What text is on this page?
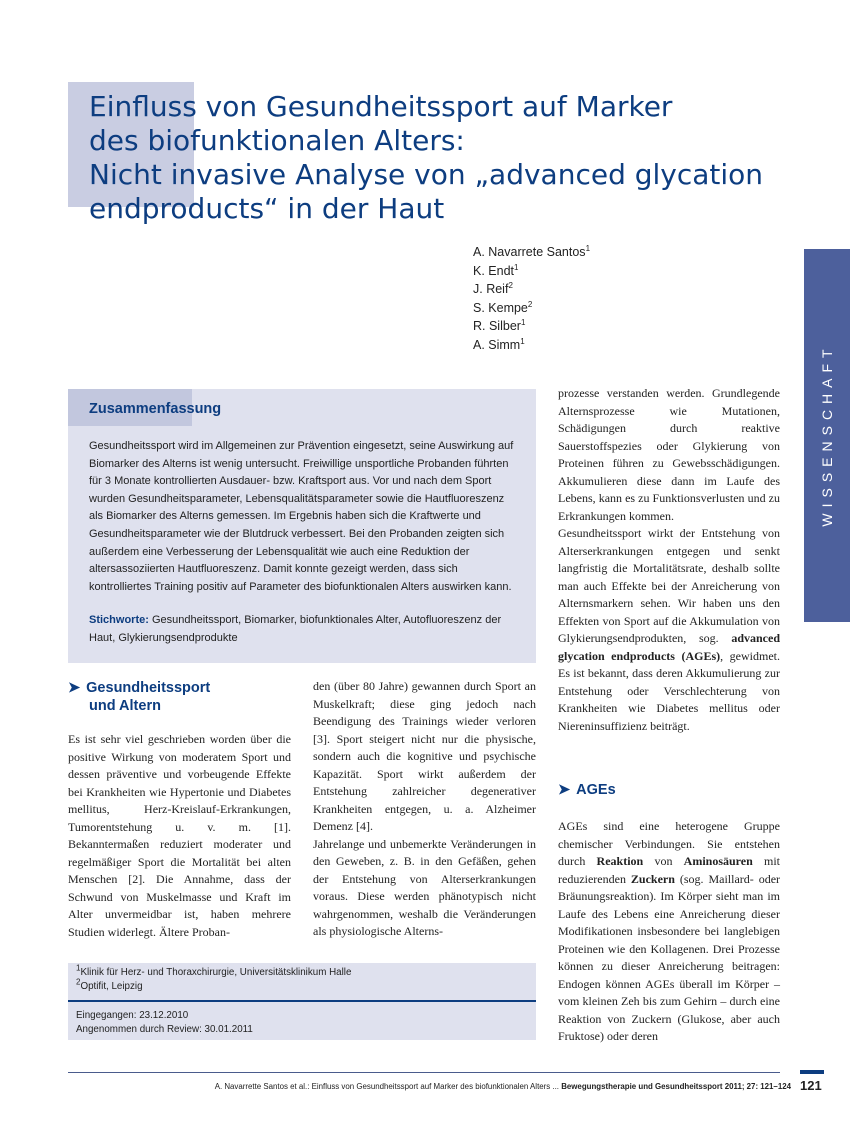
Einfluss von Gesundheitssport auf Marker
des biofunktionalen Alters:
Nicht invasive Analyse von „advanced glycation
endproducts“ in der Haut
A. Navarrete Santos$^1$
K. Endt$^1$
J. Reif$^2$
S. Kempe$^2$
R. Silber$^1$
A. Simm$^1$
WISSENSCHAFT
Zusammenfassung

Gesundheitssport wird im Allgemeinen zur Prävention eingesetzt, seine Auswirkung auf Biomarker des Alterns ist wenig untersucht. Freiwillige unsportliche Probanden führten für 3 Monate kontrollierten Ausdauer- bzw. Kraftsport aus. Vor und nach dem Sport wurden Gesundheitsparameter, Lebensqualitätsparameter sowie die Hautfluoreszenz als Biomarker des Alterns gemessen. Im Ergebnis haben sich die Kraftwerte und Gesundheitsparameter wie der Blutdruck verbessert. Bei den Probanden zeigten sich außerdem eine Verbesserung der Lebensqualität wie auch eine Reduktion der altersassoziierten Hautfluoreszenz. Damit konnte gezeigt werden, dass sich kontrolliertes Training positiv auf Parameter des biofunktionalen Alters auswirken kann.

Stichworte: Gesundheitssport, Biomarker, biofunktionales Alter, Autofluoreszenz der Haut, Glykierungsendprodukte

➤ Gesundheitssport
und Altern

Es ist sehr viel geschrieben worden über die positive Wirkung von moderatem Sport und dessen präventive und vorbeugende Effekte bei Krankheiten wie Hypertonie und Diabetes mellitus, Herz-Kreislauf-Erkrankungen, Tumorentstehung u. v. m. [1]. Bekanntermaßen reduziert moderater und regelmäßiger Sport die Mortalität bei alten Menschen [2]. Die Annahme, dass der Schwund von Muskelmasse und Kraft im Alter unvermeidbar ist, haben mehrere Studien widerlegt. Ältere Proban-

den (über 80 Jahre) gewannen durch Sport an Muskelkraft; diese ging jedoch nach Beendigung des Trainings wieder verloren [3]. Sport steigert nicht nur die physische, sondern auch die kognitive und psychische Kapazität. Sport wirkt außerdem der Entstehung zahlreicher degenerativer Krankheiten entgegen, u. a. Alzheimer Demenz [4].

Jahrelange und unbemerkte Veränderungen in den Geweben, z. B. in den Gefäßen, gehen der Entstehung von Alterserkrankungen voraus. Diese werden phänotypisch nicht wahrgenommen, weshalb die Veränderungen als physiologische Alterns-

prozesse verstanden werden. Grundlegende Alternsprozesse wie Mutationen, Schädigungen durch reaktive Sauerstoffspezies oder Glykierung von Proteinen führen zu Gewebsschädigungen. Akkumulieren diese dann im Laufe des Lebens, kann es zu Funktionsverlusten und zu Erkrankungen kommen.

Gesundheitssport wirkt der Entstehung von Alterserkrankungen entgegen und senkt langfristig die Mortalitätsrate, deshalb sollte man auch Effekte bei der Anreicherung von Alternsmarkern sehen. Wir haben uns den Effekten von Sport auf die Akkumulation von Glykierungsendprodukten, sog. advanced glycation endproducts (AGEs), gewidmet. Es ist bekannt, dass deren Akkumulierung zur Entstehung oder Verschlechterung von Krankheiten wie Diabetes mellitus oder Niereninsuffizienz beiträgt.

➤ AGEs

AGEs sind eine heterogene Gruppe chemischer Verbindungen. Sie entstehen durch Reaktion von Aminosäuren mit reduzierenden Zuckern (sog. Maillard- oder Bräunungsreaktion). Im Körper sieht man im Laufe des Lebens eine Anreicherung dieser Modifikationen insbesondere bei langlebigen Proteinen wie den Kollagenen. Drei Prozesse können zu dieser Anreicherung beitragen: Endogen können AGEs überall im Körper – vom kleinen Zeh bis zum Gehirn – durch eine Reaktion von Zuckern (Glukose, aber auch Fruktose) oder deren

$^1$Klinik für Herz- und Thoraxchirurgie, Universitätsklinikum Halle
$^2$Optifit, Leipzig
Eingegangen: 23.12.2010
Angenommen durch Review: 30.01.2011
A. Navarrette Santos et al.: Einfluss von Gesundheitssport auf Marker des biofunktionalen Alters ... Bewegungstherapie und Gesundheitssport 2011; 27: 121–124 121
